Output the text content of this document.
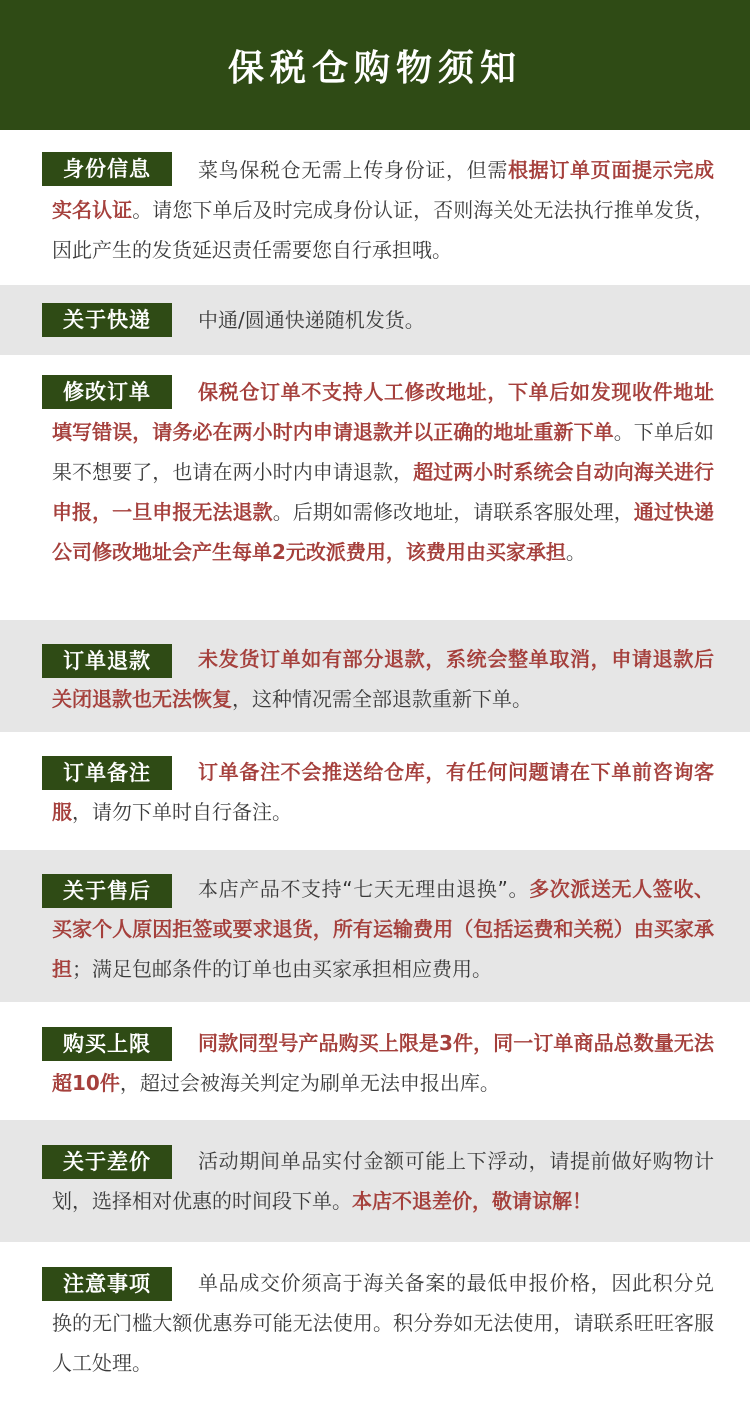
保税仓购物须知
身份信息	菜鸟保税仓无需上传身份证，但需根据订单页面提示完成实名认证。请您下单后及时完成身份认证，否则海关处无法执行推单发货，因此产生的发货延迟责任需要您自行承担哦。

关于快递	中通/圆通快递随机发货。

修改订单	保税仓订单不支持人工修改地址，下单后如发现收件地址填写错误，请务必在两小时内申请退款并以正确的地址重新下单。下单后如果不想要了，也请在两小时内申请退款，超过两小时系统会自动向海关进行申报，一旦申报无法退款。后期如需修改地址，请联系客服处理，通过快递公司修改地址会产生每单2元改派费用，该费用由买家承担。

订单退款	未发货订单如有部分退款，系统会整单取消，申请退款后关闭退款也无法恢复，这种情况需全部退款重新下单。

订单备注	订单备注不会推送给仓库，有任何问题请在下单前咨询客服，请勿下单时自行备注。

关于售后	本店产品不支持“七天无理由退换”。多次派送无人签收、买家个人原因拒签或要求退货，所有运输费用（包括运费和关税）由买家承担；满足包邮条件的订单也由买家承担相应费用。

购买上限	同款同型号产品购买上限是3件，同一订单商品总数量无法超10件，超过会被海关判定为刷单无法申报出库。

关于差价	活动期间单品实付金额可能上下浮动，请提前做好购物计划，选择相对优惠的时间段下单。本店不退差价，敬请谅解！

注意事项	单品成交价须高于海关备案的最低申报价格，因此积分兑换的无门槛大额优惠券可能无法使用。积分券如无法使用，请联系旺旺客服人工处理。
